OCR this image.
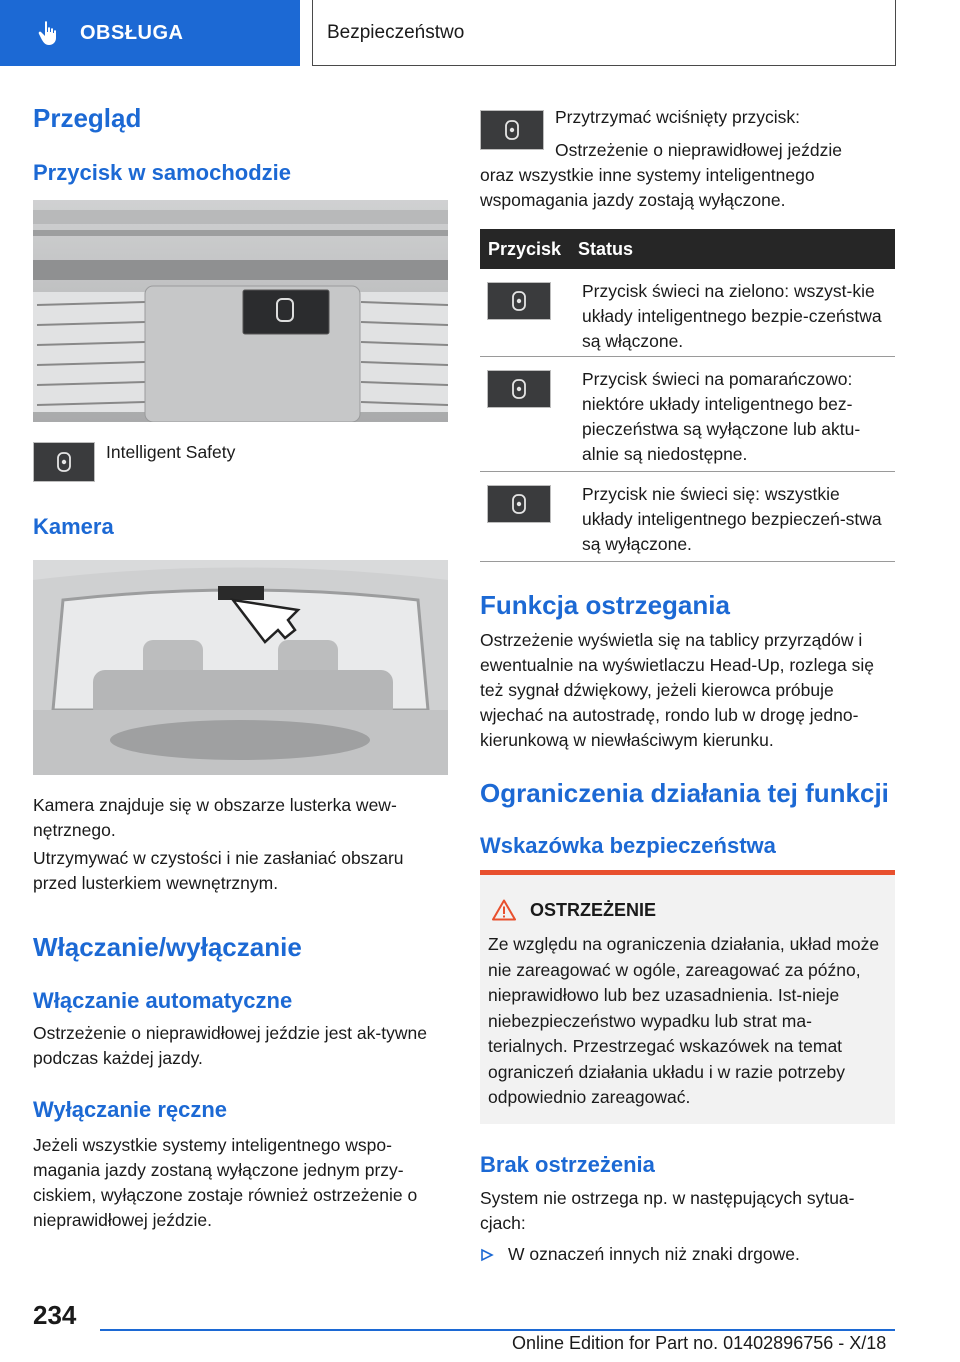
OBSŁUGA	Bezpieczeństwo
Przegląd
Przycisk w samochodzie
Intelligent Safety
Kamera
Kamera znajduje się w obszarze lusterka wew-nętrznego.
Utrzymywać w czystości i nie zasłaniać obszaru przed lusterkiem wewnętrznym.
Włączanie/wyłączanie
Włączanie automatyczne
Ostrzeżenie o nieprawidłowej jeździe jest ak-tywne podczas każdej jazdy.
Wyłączanie ręczne
Jeżeli wszystkie systemy inteligentnego wspo-magania jazdy zostaną wyłączone jednym przy-ciskiem, wyłączone zostaje również ostrzeżenie o nieprawidłowej jeździe.
Przytrzymać wciśnięty przycisk:
Ostrzeżenie o nieprawidłowej jeździe
oraz wszystkie inne systemy inteligentnego wspomagania jazdy zostają wyłączone.
Przycisk Status
Przycisk świeci na zielono: wszyst-kie układy inteligentnego bezpie-czeństwa są włączone.
Przycisk świeci na pomarańczowo: niektóre układy inteligentnego bez-pieczeństwa są wyłączone lub aktu-alnie są niedostępne.
Przycisk nie świeci się: wszystkie układy inteligentnego bezpieczeń-stwa są wyłączone.
Funkcja ostrzegania
Ostrzeżenie wyświetla się na tablicy przyrządów i ewentualnie na wyświetlaczu Head-Up, rozlega się też sygnał dźwiękowy, jeżeli kierowca próbuje wjechać na autostradę, rondo lub w drogę jedno-kierunkową w niewłaściwym kierunku.
Ograniczenia działania tej funkcji
Wskazówka bezpieczeństwa
OSTRZEŻENIE
Ze względu na ograniczenia działania, układ może nie zareagować w ogóle, zareagować za późno, nieprawidłowo lub bez uzasadnienia. Ist-nieje niebezpieczeństwo wypadku lub strat ma-terialnych. Przestrzegać wskazówek na temat ograniczeń działania układu i w razie potrzeby odpowiednio zareagować.
Brak ostrzeżenia
System nie ostrzega np. w następujących sytua-cjach:
W oznaczeń innych niż znaki drgowe.
234
Online Edition for Part no. 01402896756 - X/18
